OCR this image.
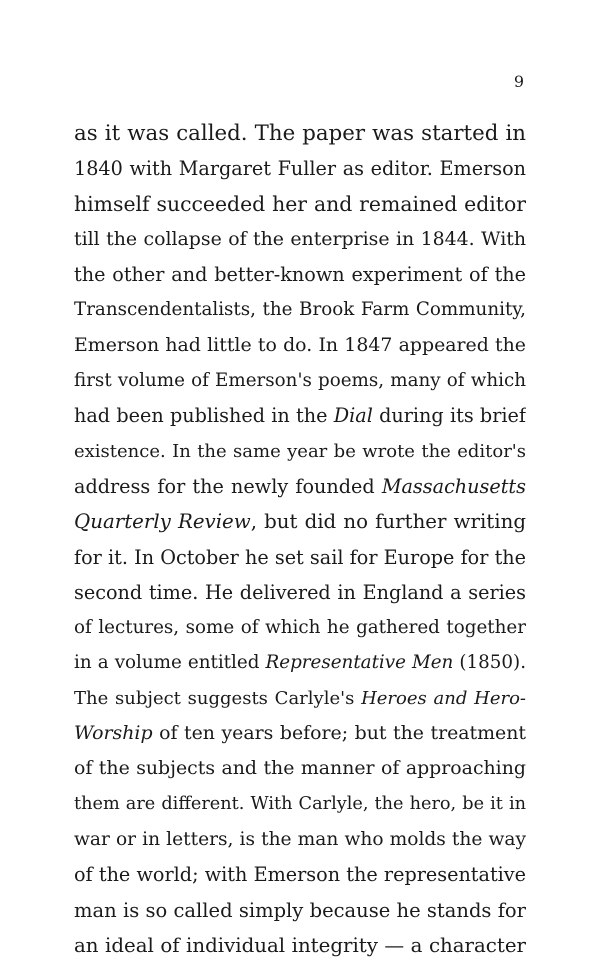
9
as it was called. The paper was started in
1840 with Margaret Fuller as editor. Emerson
himself succeeded her and remained editor
till the collapse of the enterprise in 1844. With
the other and better-known experiment of the
Transcendentalists, the Brook Farm Community,
Emerson had little to do. In 1847 appeared the
first volume of Emerson's poems, many of which
had been published in the Dial during its brief
existence. In the same year be wrote the editor's
address for the newly founded Massachusetts
Quarterly Review, but did no further writing
for it. In October he set sail for Europe for the
second time. He delivered in England a series
of lectures, some of which he gathered together
in a volume entitled Representative Men (1850).
The subject suggests Carlyle's Heroes and Hero-
Worship of ten years before; but the treatment
of the subjects and the manner of approaching
them are different. With Carlyle, the hero, be it in
war or in letters, is the man who molds the way
of the world; with Emerson the representative
man is so called simply because he stands for
an ideal of individual integrity — a character
